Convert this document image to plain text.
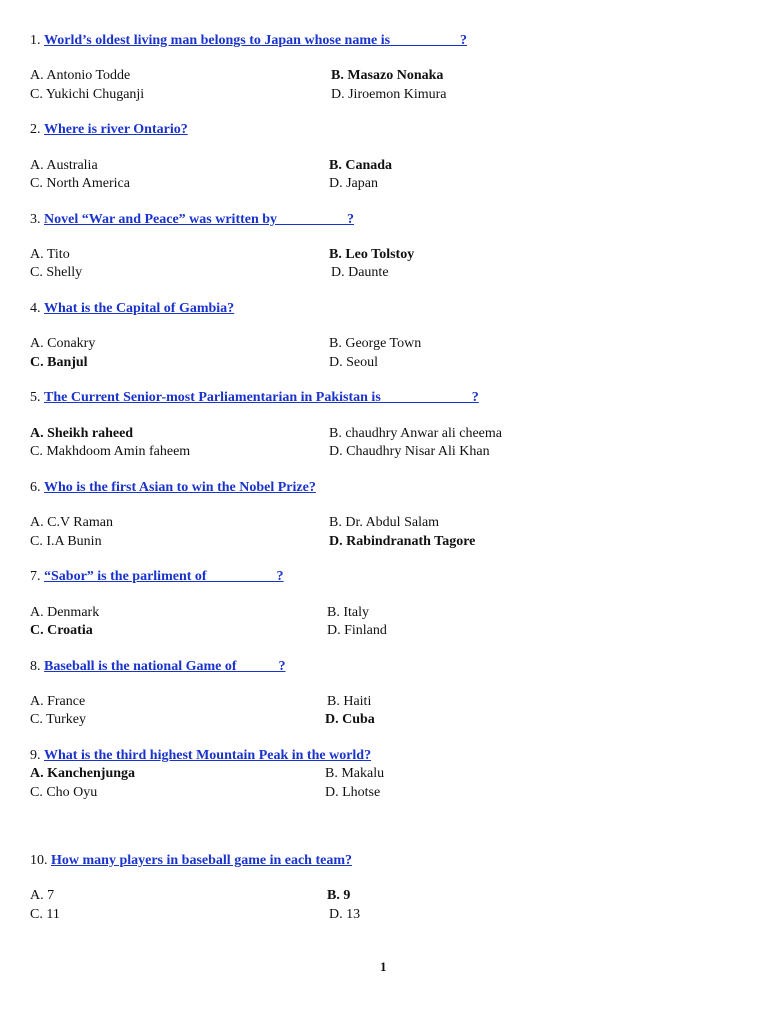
1. World’s oldest living man belongs to Japan whose name is__________?
A. Antonio Todde	B. Masazo Nonaka
C. Yukichi Chuganji	D. Jiroemon Kimura
2. Where is river Ontario?
A. Australia	B. Canada
C. North America	D. Japan
3. Novel “War and Peace” was written by__________?
A. Tito	B. Leo Tolstoy
C. Shelly	D. Daunte
4. What is the Capital of Gambia?
A. Conakry	B. George Town
C. Banjul	D. Seoul
5. The Current Senior-most Parliamentarian in Pakistan is_____________?
A. Sheikh raheed	B. chaudhry Anwar ali cheema
C. Makhdoom Amin faheem	D. Chaudhry Nisar Ali Khan
6. Who is the first Asian to win the Nobel Prize?
A. C.V Raman	B. Dr. Abdul Salam
C. I.A Bunin	D. Rabindranath Tagore
7. “Sabor” is the parliment of__________?
A. Denmark	B. Italy
C. Croatia	D. Finland
8. Baseball is the national Game of            ?
A. France	B. Haiti
C. Turkey	D. Cuba
9. What is the third highest Mountain Peak in the world?
A. Kanchenjunga	B. Makalu
C. Cho Oyu	D. Lhotse
10. How many players in baseball game in each team?
A. 7	B. 9
C. 11	D. 13
1
